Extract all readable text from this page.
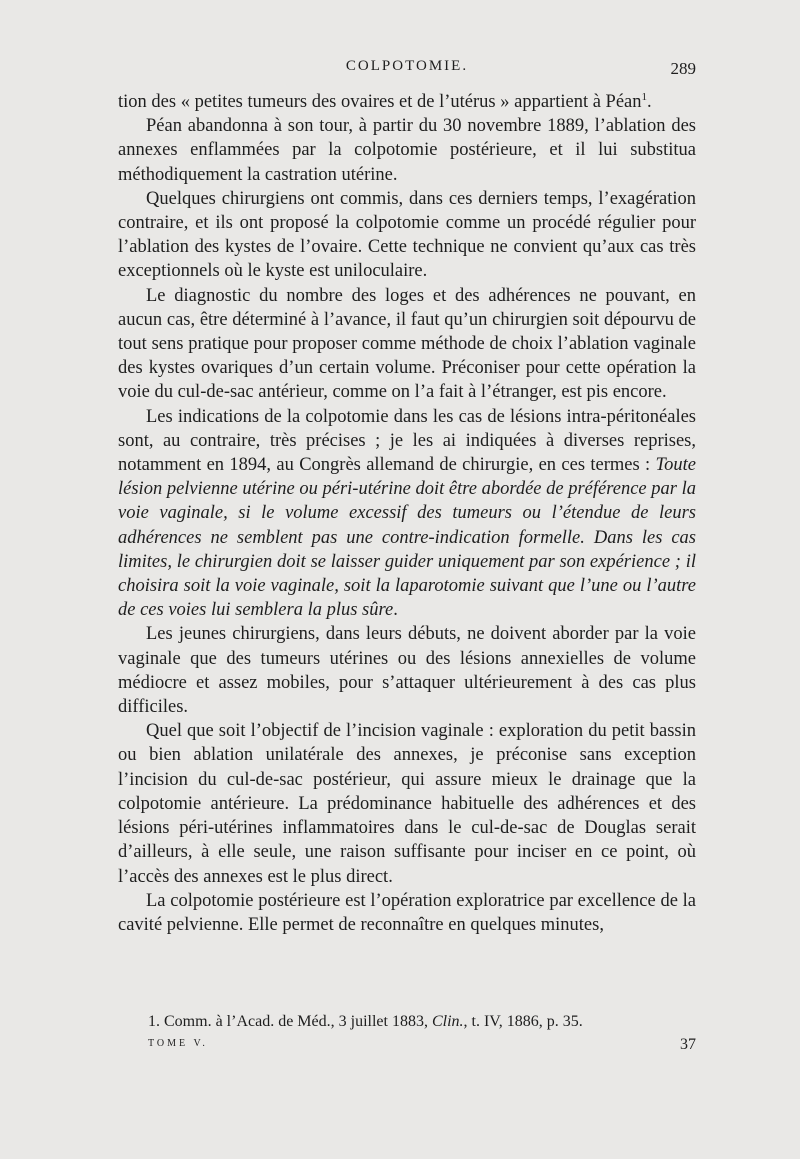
COLPOTOMIE.	289

tion des « petites tumeurs des ovaires et de l’utérus » appartient à Péan$^1$.

Péan abandonna à son tour, à partir du 30 novembre 1889, l’ablation des annexes enflammées par la colpotomie postérieure, et il lui substitua méthodiquement la castration utérine.

Quelques chirurgiens ont commis, dans ces derniers temps, l’exagération contraire, et ils ont proposé la colpotomie comme un procédé régulier pour l’ablation des kystes de l’ovaire. Cette technique ne convient qu’aux cas très exceptionnels où le kyste est uniloculaire.

Le diagnostic du nombre des loges et des adhérences ne pouvant, en aucun cas, être déterminé à l’avance, il faut qu’un chirurgien soit dépourvu de tout sens pratique pour proposer comme méthode de choix l’ablation vaginale des kystes ovariques d’un certain volume. Préconiser pour cette opération la voie du cul-de-sac antérieur, comme on l’a fait à l’étranger, est pis encore.

Les indications de la colpotomie dans les cas de lésions intra-péritonéales sont, au contraire, très précises ; je les ai indiquées à diverses reprises, notamment en 1894, au Congrès allemand de chirurgie, en ces termes : Toute lésion pelvienne utérine ou péri-utérine doit être abordée de préférence par la voie vaginale, si le volume excessif des tumeurs ou l’étendue de leurs adhérences ne semblent pas une contre-indication formelle. Dans les cas limites, le chirurgien doit se laisser guider uniquement par son expérience ; il choisira soit la voie vaginale, soit la laparotomie suivant que l’une ou l’autre de ces voies lui semblera la plus sûre.

Les jeunes chirurgiens, dans leurs débuts, ne doivent aborder par la voie vaginale que des tumeurs utérines ou des lésions annexielles de volume médiocre et assez mobiles, pour s’attaquer ultérieurement à des cas plus difficiles.

Quel que soit l’objectif de l’incision vaginale : exploration du petit bassin ou bien ablation unilatérale des annexes, je préconise sans exception l’incision du cul-de-sac postérieur, qui assure mieux le drainage que la colpotomie antérieure. La prédominance habituelle des adhérences et des lésions péri-utérines inflammatoires dans le cul-de-sac de Douglas serait d’ailleurs, à elle seule, une raison suffisante pour inciser en ce point, où l’accès des annexes est le plus direct.

La colpotomie postérieure est l’opération exploratrice par excellence de la cavité pelvienne. Elle permet de reconnaître en quelques minutes,

1. Comm. à l’Acad. de Méd., 3 juillet 1883, Clin., t. IV, 1886, p. 35.
TOME V.	37
